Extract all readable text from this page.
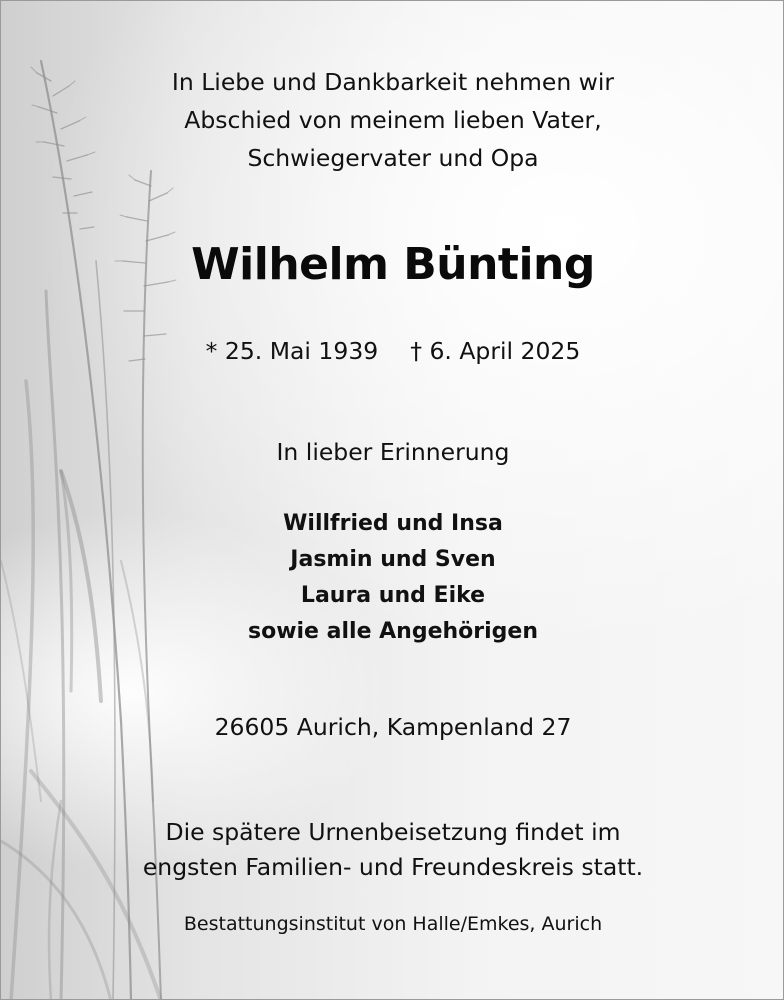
In Liebe und Dankbarkeit nehmen wir
Abschied von meinem lieben Vater,
Schwiegervater und Opa
Wilhelm Bünting
* 25. Mai 1939 † 6. April 2025
In lieber Erinnerung
Willfried und Insa
Jasmin und Sven
Laura und Eike
sowie alle Angehörigen
26605 Aurich, Kampenland 27
Die spätere Urnenbeisetzung findet im
engsten Familien- und Freundeskreis statt.
Bestattungsinstitut von Halle/Emkes, Aurich
